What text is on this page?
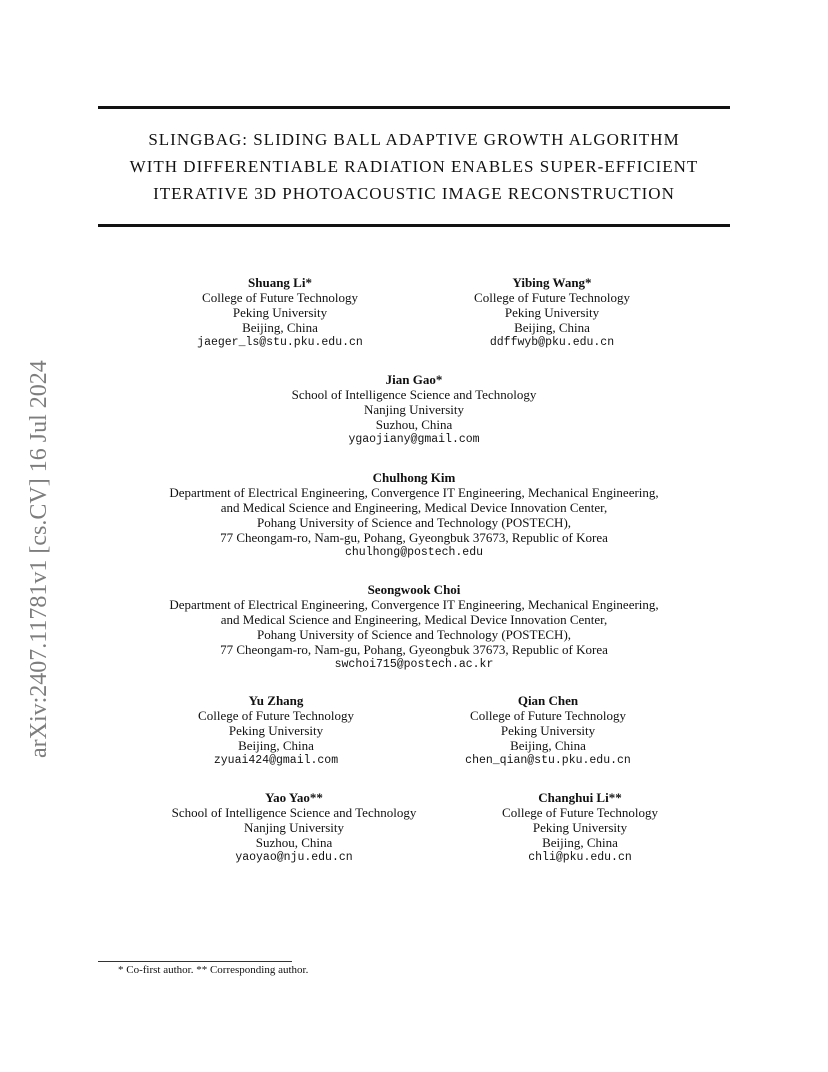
arXiv:2407.11781v1 [cs.CV] 16 Jul 2024
SLINGBAG: SLIDING BALL ADAPTIVE GROWTH ALGORITHM
WITH DIFFERENTIABLE RADIATION ENABLES SUPER-EFFICIENT
ITERATIVE 3D PHOTOACOUSTIC IMAGE RECONSTRUCTION
Shuang Li*
College of Future Technology
Peking University
Beijing, China
jaeger_ls@stu.pku.edu.cn
Yibing Wang*
College of Future Technology
Peking University
Beijing, China
ddffwyb@pku.edu.cn
Jian Gao*
School of Intelligence Science and Technology
Nanjing University
Suzhou, China
ygaojiany@gmail.com
Chulhong Kim
Department of Electrical Engineering, Convergence IT Engineering, Mechanical Engineering,
and Medical Science and Engineering, Medical Device Innovation Center,
Pohang University of Science and Technology (POSTECH),
77 Cheongam-ro, Nam-gu, Pohang, Gyeongbuk 37673, Republic of Korea
chulhong@postech.edu
Seongwook Choi
Department of Electrical Engineering, Convergence IT Engineering, Mechanical Engineering,
and Medical Science and Engineering, Medical Device Innovation Center,
Pohang University of Science and Technology (POSTECH),
77 Cheongam-ro, Nam-gu, Pohang, Gyeongbuk 37673, Republic of Korea
swchoi715@postech.ac.kr
Yu Zhang
College of Future Technology
Peking University
Beijing, China
zyuai424@gmail.com
Qian Chen
College of Future Technology
Peking University
Beijing, China
chen_qian@stu.pku.edu.cn
Yao Yao**
School of Intelligence Science and Technology
Nanjing University
Suzhou, China
yaoyao@nju.edu.cn
Changhui Li**
College of Future Technology
Peking University
Beijing, China
chli@pku.edu.cn
* Co-first author. ** Corresponding author.
